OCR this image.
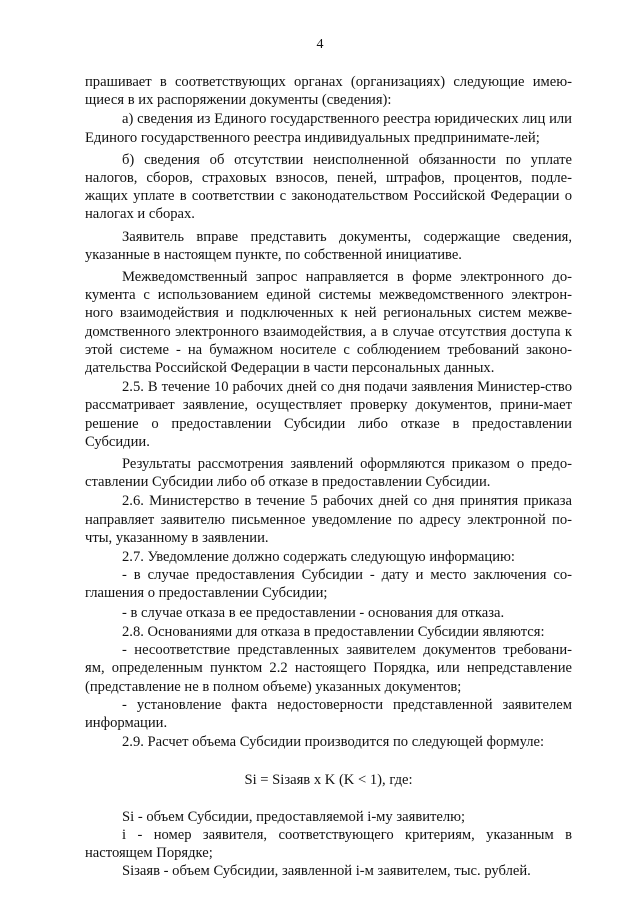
4

прашивает в соответствующих органах (организациях) следующие имею-щиеся в их распоряжении документы (сведения):

а) сведения из Единого государственного реестра юридических лиц или Единого государственного реестра индивидуальных предпринимате-лей;

б) сведения об отсутствии неисполненной обязанности по уплате налогов, сборов, страховых взносов, пеней, штрафов, процентов, подле-жащих уплате в соответствии с законодательством Российской Федерации о налогах и сборах.

Заявитель вправе представить документы, содержащие сведения, указанные в настоящем пункте, по собственной инициативе.

Межведомственный запрос направляется в форме электронного до-кумента с использованием единой системы межведомственного электрон-ного взаимодействия и подключенных к ней региональных систем межве-домственного электронного взаимодействия, а в случае отсутствия доступа к этой системе - на бумажном носителе с соблюдением требований законо-дательства Российской Федерации в части персональных данных.

2.5. В течение 10 рабочих дней со дня подачи заявления Министер-ство рассматривает заявление, осуществляет проверку документов, прини-мает решение о предоставлении Субсидии либо отказе в предоставлении Субсидии.

Результаты рассмотрения заявлений оформляются приказом о предо-ставлении Субсидии либо об отказе в предоставлении Субсидии.

2.6. Министерство в течение 5 рабочих дней со дня принятия приказа направляет заявителю письменное уведомление по адресу электронной по-чты, указанному в заявлении.

2.7. Уведомление должно содержать следующую информацию:

- в случае предоставления Субсидии - дату и место заключения со-глашения о предоставлении Субсидии;

- в случае отказа в ее предоставлении - основания для отказа.

2.8. Основаниями для отказа в предоставлении Субсидии являются:

- несоответствие представленных заявителем документов требовани-ям, определенным пунктом 2.2 настоящего Порядка, или непредставление (представление не в полном объеме) указанных документов;

- установление факта недостоверности представленной заявителем информации.

2.9. Расчет объема Субсидии производится по следующей формуле:

Si = Siзаяв x K (K < 1), где:

Si - объем Субсидии, предоставляемой i-му заявителю;

i - номер заявителя, соответствующего критериям, указанным в настоящем Порядке;

Siзаяв - объем Субсидии, заявленной i-м заявителем, тыс. рублей.
